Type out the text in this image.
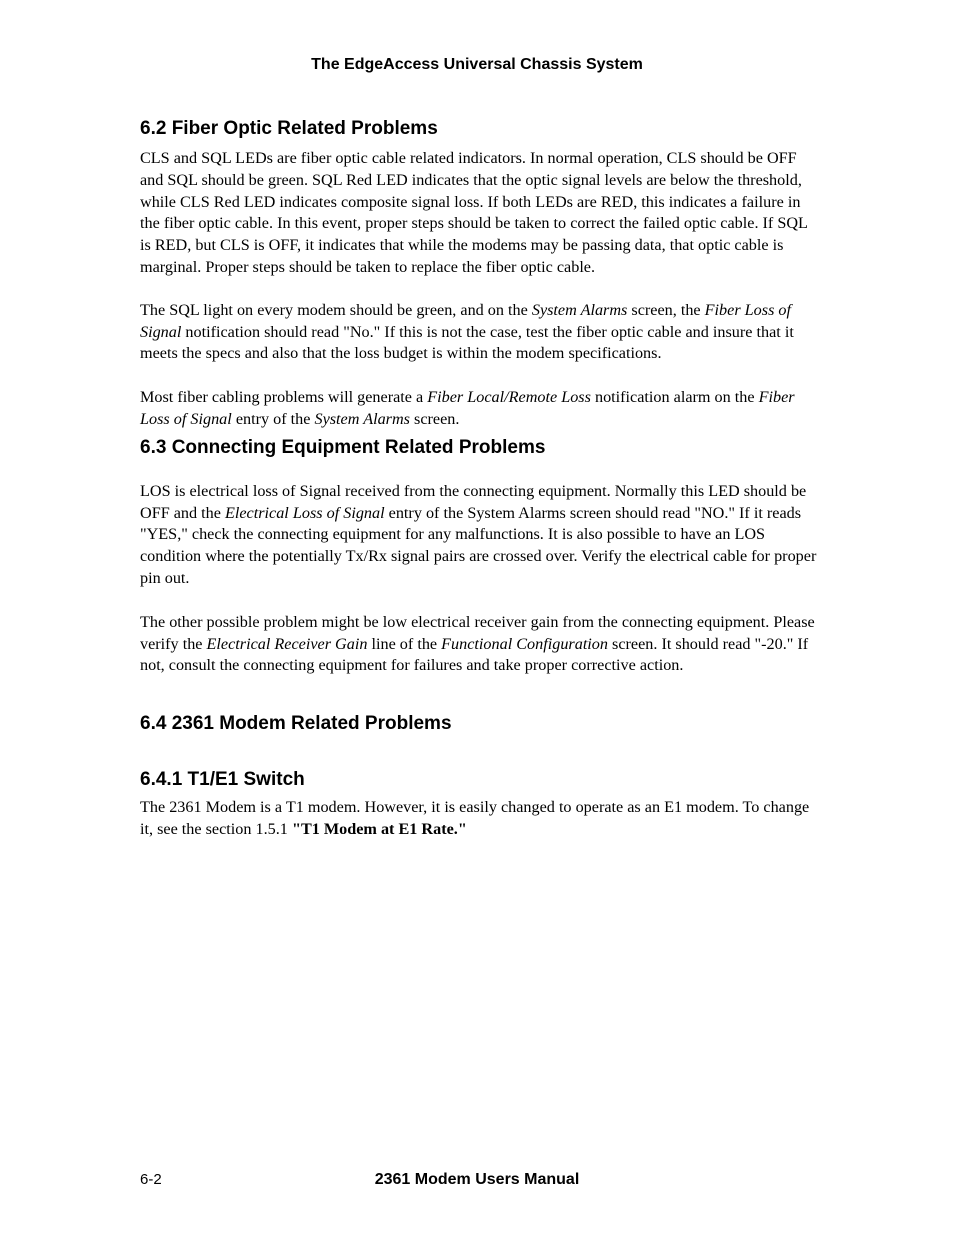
The EdgeAccess Universal Chassis System
6.2 Fiber Optic Related Problems

CLS and SQL LEDs are fiber optic cable related indicators. In normal operation, CLS should be OFF and SQL should be green. SQL Red LED indicates that the optic signal levels are below the threshold, while CLS Red LED indicates composite signal loss. If both LEDs are RED, this indicates a failure in the fiber optic cable. In this event, proper steps should be taken to correct the failed optic cable. If SQL is RED, but CLS is OFF, it indicates that while the modems may be passing data, that optic cable is marginal. Proper steps should be taken to replace the fiber optic cable.

The SQL light on every modem should be green, and on the System Alarms screen, the Fiber Loss of Signal notification should read "No." If this is not the case, test the fiber optic cable and insure that it meets the specs and also that the loss budget is within the modem specifications.

Most fiber cabling problems will generate a Fiber Local/Remote Loss notification alarm on the Fiber Loss of Signal entry of the System Alarms screen.

6.3 Connecting Equipment Related Problems

LOS is electrical loss of Signal received from the connecting equipment. Normally this LED should be OFF and the Electrical Loss of Signal entry of the System Alarms screen should read "NO." If it reads "YES," check the connecting equipment for any malfunctions. It is also possible to have an LOS condition where the potentially Tx/Rx signal pairs are crossed over. Verify the electrical cable for proper pin out.

The other possible problem might be low electrical receiver gain from the connecting equipment. Please verify the Electrical Receiver Gain line of the Functional Configuration screen. It should read "-20." If not, consult the connecting equipment for failures and take proper corrective action.

6.4 2361 Modem Related Problems
6.4.1 T1/E1 Switch

The 2361 Modem is a T1 modem. However, it is easily changed to operate as an E1 modem. To change it, see the section 1.5.1 "T1 Modem at E1 Rate."

6-2	2361 Modem Users Manual
